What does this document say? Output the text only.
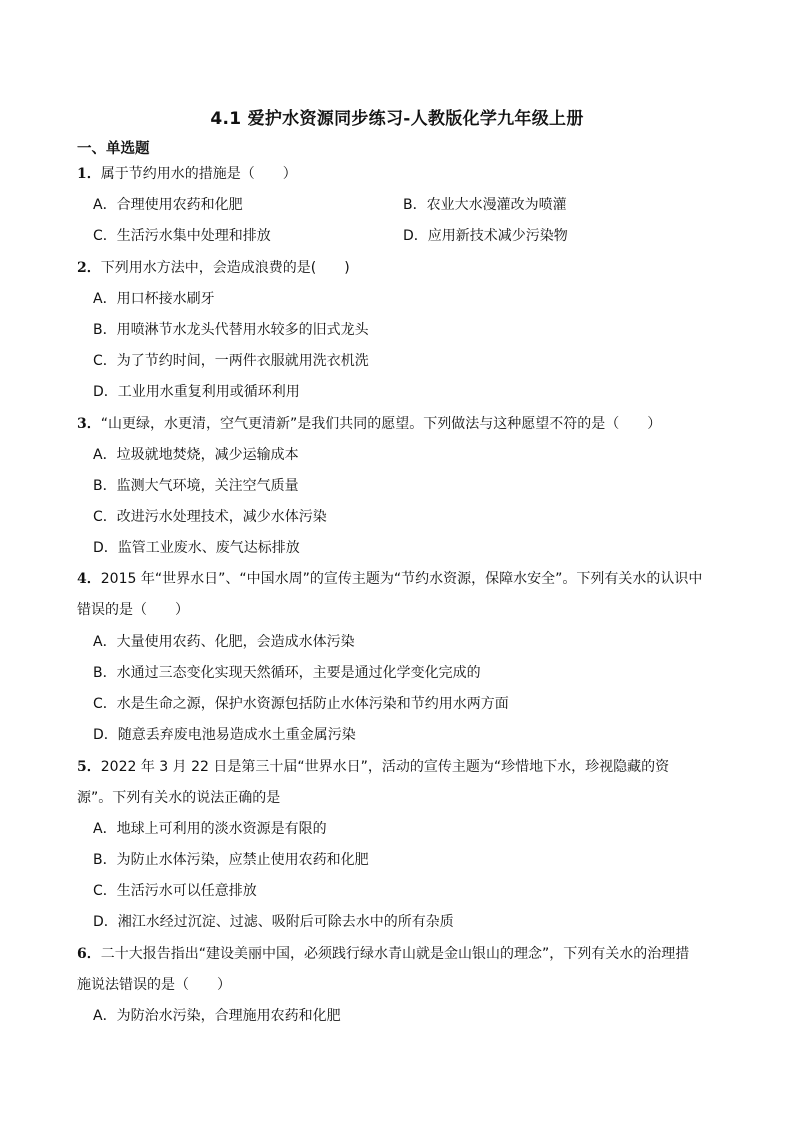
4.1 爱护水资源同步练习-人教版化学九年级上册
一、单选题
1．属于节约用水的措施是（　　）
A．合理使用农药和化肥	B．农业大水漫灌改为喷灌
C．生活污水集中处理和排放	D．应用新技术减少污染物
2．下列用水方法中，会造成浪费的是(　　)
A．用口杯接水刷牙
B．用喷淋节水龙头代替用水较多的旧式龙头
C．为了节约时间，一两件衣服就用洗衣机洗
D．工业用水重复利用或循环利用
3．“山更绿，水更清，空气更清新”是我们共同的愿望。下列做法与这种愿望不符的是（　　）
A．垃圾就地焚烧，减少运输成本
B．监测大气环境，关注空气质量
C．改进污水处理技术，减少水体污染
D．监管工业废水、废气达标排放
4．2015 年“世界水日”、“中国水周”的宣传主题为“节约水资源，保障水安全”。下列有关水的认识中
错误的是（　　）
A．大量使用农药、化肥，会造成水体污染
B．水通过三态变化实现天然循环，主要是通过化学变化完成的
C．水是生命之源，保护水资源包括防止水体污染和节约用水两方面
D．随意丢弃废电池易造成水土重金属污染
5．2022 年 3 月 22 日是第三十届“世界水日”，活动的宣传主题为“珍惜地下水，珍视隐藏的资
源”。下列有关水的说法正确的是
A．地球上可利用的淡水资源是有限的
B．为防止水体污染，应禁止使用农药和化肥
C．生活污水可以任意排放
D．湘江水经过沉淀、过滤、吸附后可除去水中的所有杂质
6．二十大报告指出“建设美丽中国，必须践行绿水青山就是金山银山的理念”，下列有关水的治理措
施说法错误的是（　　）
A．为防治水污染，合理施用农药和化肥
